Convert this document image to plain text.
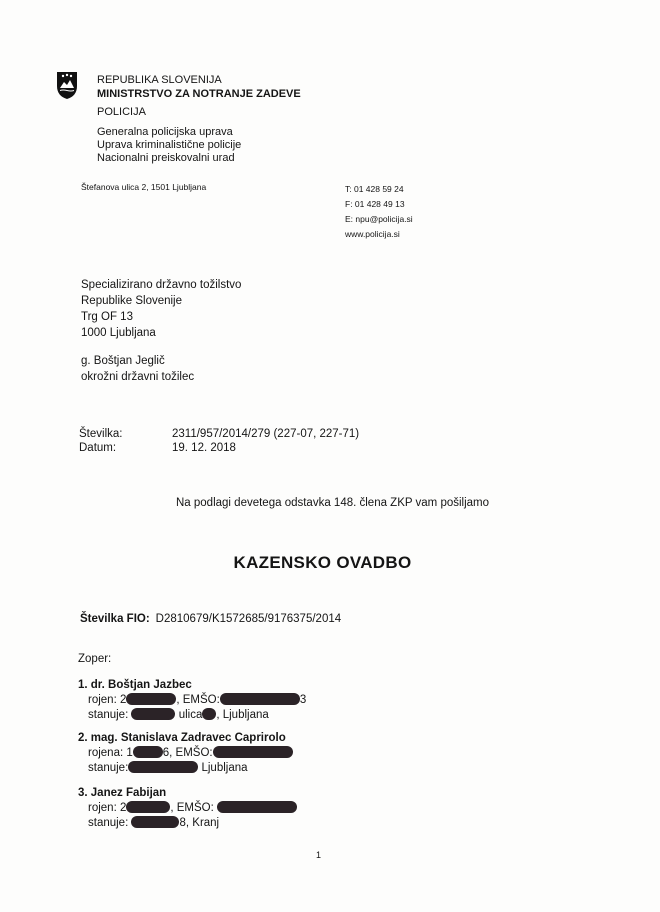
REPUBLIKA SLOVENIJA
MINISTRSTVO ZA NOTRANJE ZADEVE
POLICIJA
Generalna policijska uprava
Uprava kriminalistične policije
Nacionalni preiskovalni urad
Štefanova ulica 2, 1501 Ljubljana	T: 01 428 59 24
F: 01 428 49 13
E: npu@policija.si
www.policija.si
Specializirano državno tožilstvo
Republike Slovenije
Trg OF 13
1000 Ljubljana
g. Boštjan Jeglič
okrožni državni tožilec
Številka:	2311/957/2014/279 (227-07, 227-71)
Datum:	19. 12. 2018
Na podlagi devetega odstavka 148. člena ZKP vam pošiljamo
KAZENSKO OVADBO
Številka FIO: D2810679/K1572685/9176375/2014
Zoper:
1. dr. Boštjan Jazbec
rojen: 2	, EMŠO:	3
stanuje:	ulica , Ljubljana
2. mag. Stanislava Zadravec Caprirolo
rojena: 1	6, EMŠO:
stanuje:	Ljubljana
3. Janez Fabijan
rojen: 2	, EMŠO:
stanuje:	8, Kranj
1
